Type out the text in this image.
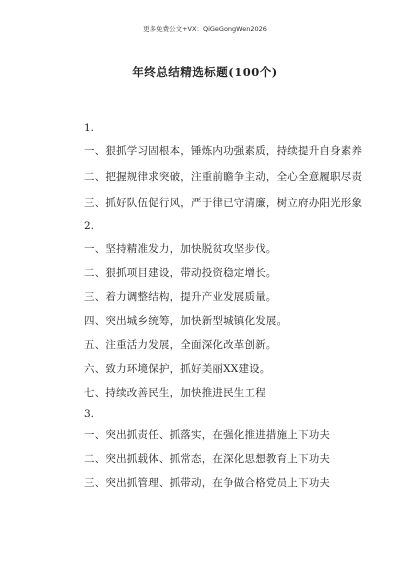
更多免费公文+VX：QiGeGongWen2026
年终总结精选标题(100个)
1.
一、狠抓学习固根本，锤炼内功强素质，持续提升自身素养
二、把握规律求突破，注重前瞻争主动，全心全意履职尽责
三、抓好队伍促行风，严于律已守清廉，树立府办阳光形象
2.
一、坚持精准发力，加快脱贫攻坚步伐。
二、狠抓项目建设，带动投资稳定增长。
三、着力调整结构，提升产业发展质量。
四、突出城乡统筹，加快新型城镇化发展。
五、注重活力发展，全面深化改革创新。
六、致力环境保护，抓好美丽XX建设。
七、持续改善民生，加快推进民生工程
3.
一、突出抓责任、抓落实，在强化推进措施上下功夫
二、突出抓载体、抓常态，在深化思想教育上下功夫
三、突出抓管理、抓带动，在争做合格党员上下功夫
